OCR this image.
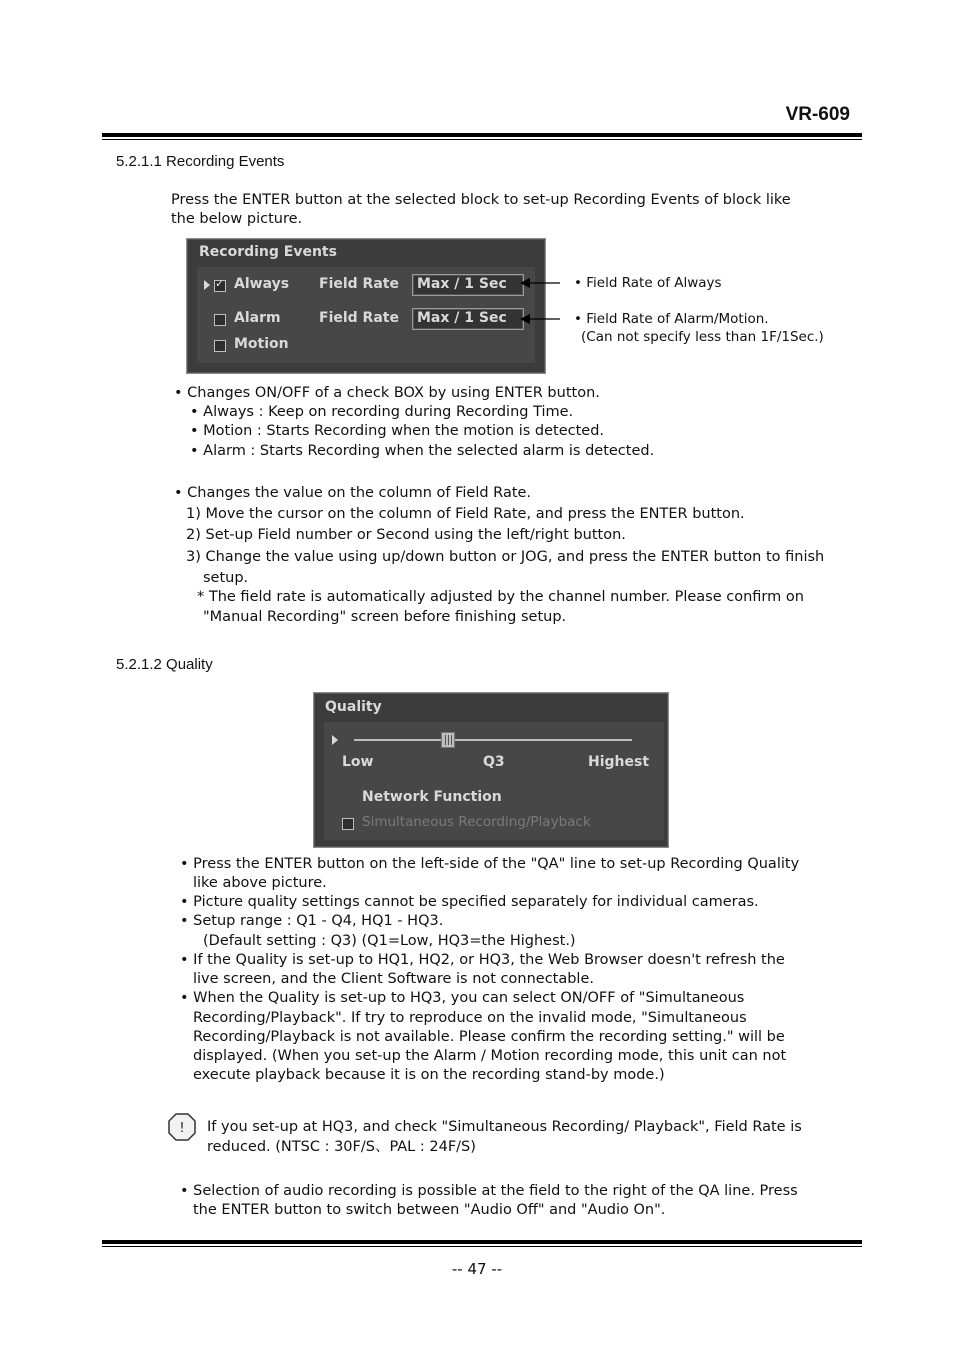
VR-609
5.2.1.1 Recording Events
Press the ENTER button at the selected block to set-up Recording Events of block like
the below picture.
Recording Events
✓ Always Field Rate Max / 1 Sec
Alarm	Field Rate Max / 1 Sec
Motion
• Field Rate of Always
• Field Rate of Alarm/Motion.
(Can not specify less than 1F/1Sec.)
• Changes ON/OFF of a check BOX by using ENTER button.
• Always : Keep on recording during Recording Time.
• Motion : Starts Recording when the motion is detected.
• Alarm : Starts Recording when the selected alarm is detected.
• Changes the value on the column of Field Rate.
1) Move the cursor on the column of Field Rate, and press the ENTER button.
2) Set-up Field number or Second using the left/right button.
3) Change the value using up/down button or JOG, and press the ENTER button to finish
setup.
* The field rate is automatically adjusted by the channel number. Please confirm on
"Manual Recording" screen before finishing setup.
5.2.1.2 Quality
Quality
Low	Q3	Highest
Network Function
Simultaneous Recording/Playback
• Press the ENTER button on the left-side of the "QA" line to set-up Recording Quality
like above picture.
• Picture quality settings cannot be specified separately for individual cameras.
• Setup range : Q1 - Q4, HQ1 - HQ3.
(Default setting : Q3) (Q1=Low, HQ3=the Highest.)
• If the Quality is set-up to HQ1, HQ2, or HQ3, the Web Browser doesn't refresh the
live screen, and the Client Software is not connectable.
• When the Quality is set-up to HQ3, you can select ON/OFF of "Simultaneous
Recording/Playback". If try to reproduce on the invalid mode, "Simultaneous
Recording/Playback is not available. Please confirm the recording setting." will be
displayed. (When you set-up the Alarm / Motion recording mode, this unit can not
execute playback because it is on the recording stand-by mode.)
! If you set-up at HQ3, and check "Simultaneous Recording/ Playback", Field Rate is
reduced. (NTSC : 30F/S、PAL : 24F/S)
• Selection of audio recording is possible at the field to the right of the QA line. Press
the ENTER button to switch between "Audio Off" and "Audio On".
-- 47 --
